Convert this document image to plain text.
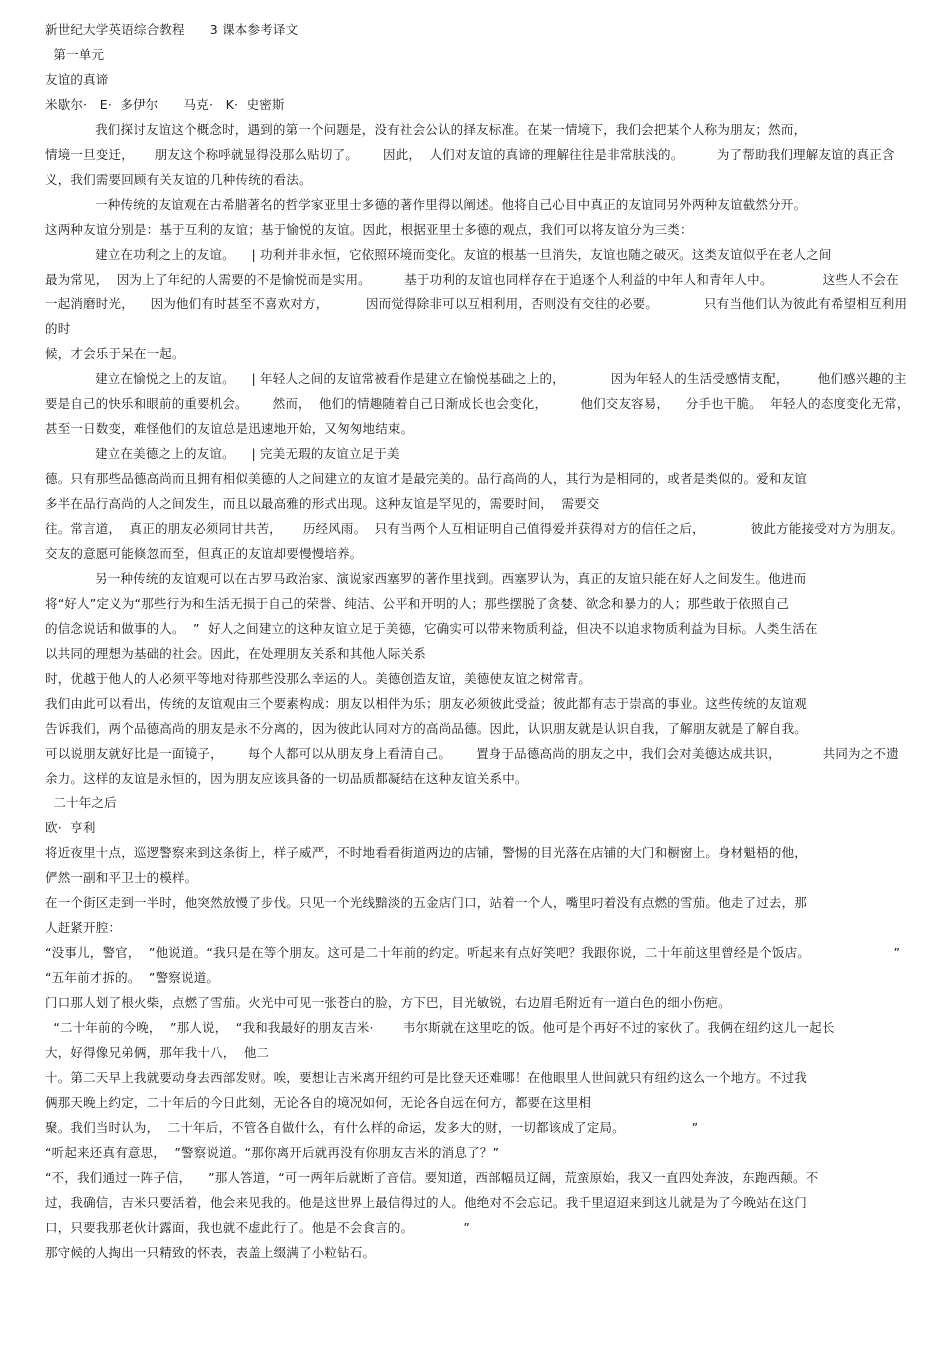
新世纪大学英语综合教程      3 课本参考译文
第一单元
友谊的真谛
米歇尔·   E·  多伊尔      马克·   K·  史密斯
我们探讨友谊这个概念时，遇到的第一个问题是，没有社会公认的择友标准。在某一情境下，我们会把某个人称为朋友；然而，
情境一旦变迁，     朋友这个称呼就显得没那么贴切了。      因此，  人们对友谊的真谛的理解往往是非常肤浅的。        为了帮助我们理解友谊的真正含
义，我们需要回顾有关友谊的几种传统的看法。
一种传统的友谊观在古希腊著名的哲学家亚里士多德的著作里得以阐述。他将自己心目中真正的友谊同另外两种友谊截然分开。
这两种友谊分别是：基于互利的友谊；基于愉悦的友谊。因此，根据亚里士多德的观点，我们可以将友谊分为三类：
建立在功利之上的友谊。    | 功利并非永恒，它依照环境而变化。友谊的根基一旦消失，友谊也随之破灭。这类友谊似乎在老人之间
最为常见，  因为上了年纪的人需要的不是愉悦而是实用。        基于功利的友谊也同样存在于追逐个人利益的中年人和青年人中。            这些人不会在
一起消磨时光，    因为他们有时甚至不喜欢对方，         因而觉得除非可以互相利用，否则没有交往的必要。           只有当他们认为彼此有希望相互利用
的时
候，才会乐于呆在一起。
建立在愉悦之上的友谊。    | 年轻人之间的友谊常被看作是建立在愉悦基础之上的，           因为年轻人的生活受感情支配，       他们感兴趣的主
要是自己的快乐和眼前的重要机会。      然而，  他们的情趣随着自己日渐成长也会变化，        他们交友容易，    分手也干脆。  年轻人的态度变化无常，
甚至一日数变，难怪他们的友谊总是迅速地开始，又匆匆地结束。
建立在美德之上的友谊。    | 完美无瑕的友谊立足于美
德。只有那些品德高尚而且拥有相似美德的人之间建立的友谊才是最完美的。品行高尚的人，其行为是相同的，或者是类似的。爱和友谊
多半在品行高尚的人之间发生，而且以最高雅的形式出现。这种友谊是罕见的，需要时间，  需要交
往。常言道，  真正的朋友必须同甘共苦，     历经风雨。  只有当两个人互相证明自己值得爱并获得对方的信任之后，           彼此方能接受对方为朋友。
交友的意愿可能倏忽而至，但真正的友谊却要慢慢培养。
另一种传统的友谊观可以在古罗马政治家、演说家西塞罗的著作里找到。西塞罗认为，真正的友谊只能在好人之间发生。他进而
将“好人”定义为“那些行为和生活无损于自己的荣誉、纯洁、公平和开明的人；那些摆脱了贪婪、欲念和暴力的人；那些敢于依照自己
的信念说话和做事的人。  ”  好人之间建立的这种友谊立足于美德，它确实可以带来物质利益，但决不以追求物质利益为目标。人类生活在
以共同的理想为基础的社会。因此，在处理朋友关系和其他人际关系
时，优越于他人的人必须平等地对待那些没那么幸运的人。美德创造友谊，美德使友谊之树常青。
我们由此可以看出，传统的友谊观由三个要素构成：朋友以相伴为乐；朋友必须彼此受益；彼此都有志于崇高的事业。这些传统的友谊观
告诉我们，两个品德高尚的朋友是永不分离的，因为彼此认同对方的高尚品德。因此，认识朋友就是认识自我，了解朋友就是了解自我。
可以说朋友就好比是一面镜子，      每个人都可以从朋友身上看清自己。      置身于品德高尚的朋友之中，我们会对美德达成共识，          共同为之不遗
余力。这样的友谊是永恒的，因为朋友应该具备的一切品质都凝结在这种友谊关系中。
二十年之后
欧·  亨利
将近夜里十点，巡逻警察来到这条街上，样子威严，不时地看看街道两边的店铺，警惕的目光落在店铺的大门和橱窗上。身材魁梧的他，
俨然一副和平卫士的模样。
在一个街区走到一半时，他突然放慢了步伐。只见一个光线黯淡的五金店门口，站着一个人，嘴里叼着没有点燃的雪茄。他走了过去，那
人赶紧开腔：
“没事儿，警官，  ”他说道。“我只是在等个朋友。这可是二十年前的约定。听起来有点好笑吧？我跟你说，二十年前这里曾经是个饭店。                    ”
“五年前才拆的。  ”警察说道。
门口那人划了根火柴，点燃了雪茄。火光中可见一张苍白的脸，方下巴，目光敏锐，右边眉毛附近有一道白色的细小伤疤。
“二十年前的今晚，  ”那人说，  “我和我最好的朋友吉米·       韦尔斯就在这里吃的饭。他可是个再好不过的家伙了。我俩在纽约这儿一起长
大，好得像兄弟俩，那年我十八，  他二
十。第二天早上我就要动身去西部发财。唉，要想让吉米离开纽约可是比登天还难哪！在他眼里人世间就只有纽约这么一个地方。不过我
俩那天晚上约定，二十年后的今日此刻，无论各自的境况如何，无论各自远在何方，都要在这里相
聚。我们当时认为，  二十年后，不管各自做什么，有什么样的命运，发多大的财，一切都该成了定局。                ”
“听起来还真有意思，  ”警察说道。“那你离开后就再没有你朋友吉米的消息了？”
“不，我们通过一阵子信，    ”那人答道，“可一两年后就断了音信。要知道，西部幅员辽阔，荒蛮原始，我又一直四处奔波，东跑西颠。不
过，我确信，吉米只要活着，他会来见我的。他是这世界上最信得过的人。他绝对不会忘记。我千里迢迢来到这儿就是为了今晚站在这门
口，只要我那老伙计露面，我也就不虚此行了。他是不会食言的。            ”
那守候的人掏出一只精致的怀表，表盖上缀满了小粒钻石。
